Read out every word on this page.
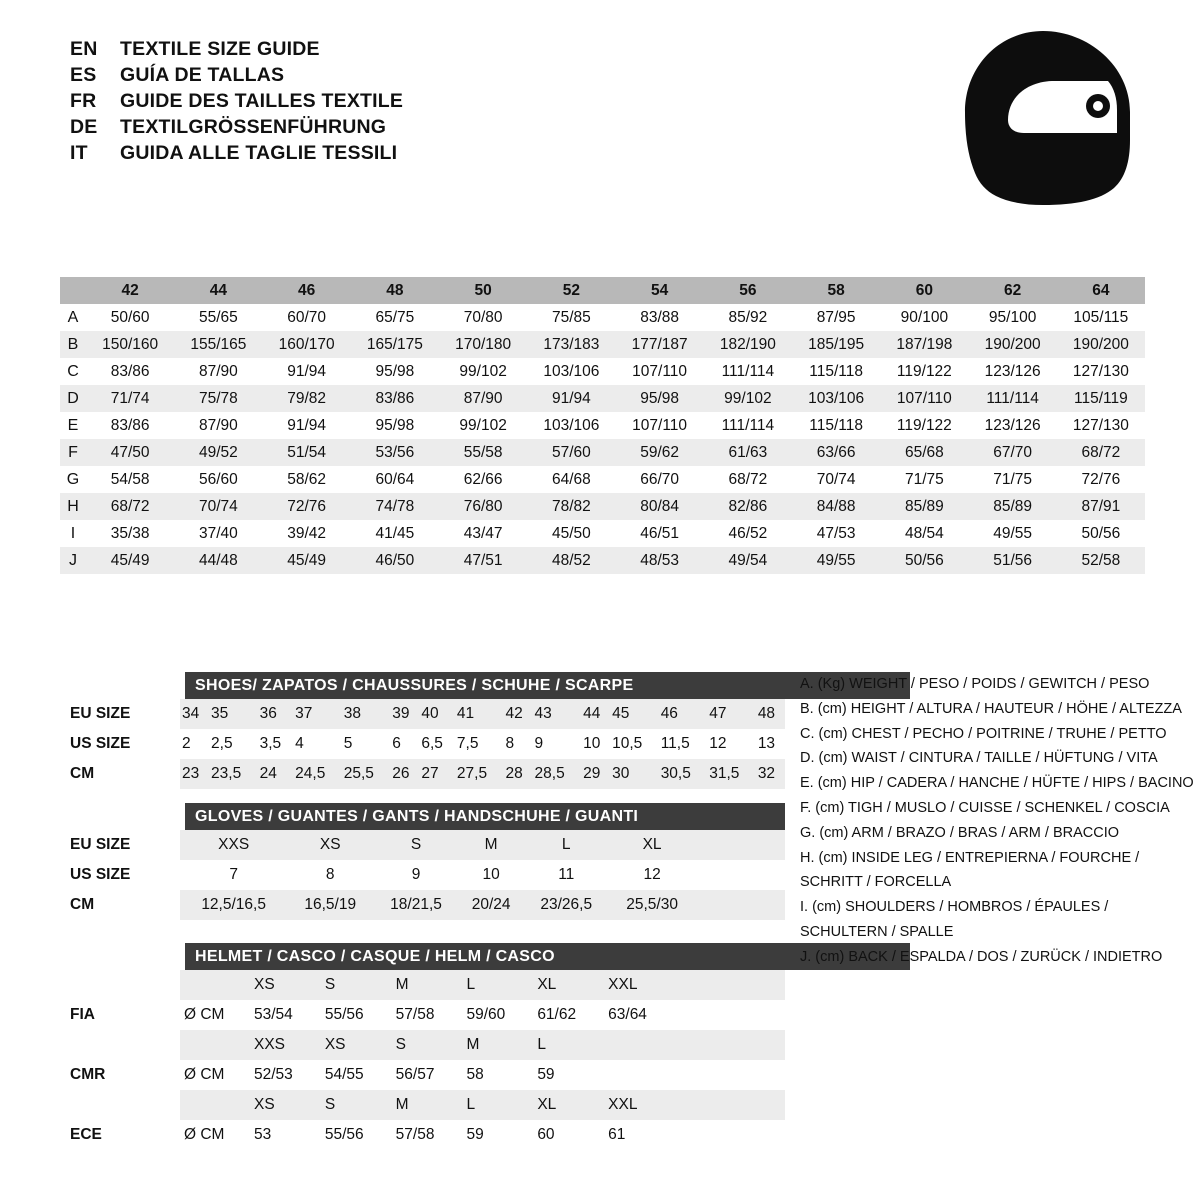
EN	TEXTILE SIZE GUIDE
ES	GUÍA DE TALLAS
FR	GUIDE DES TAILLES TEXTILE
DE	TEXTILGRÖSSENFÜHRUNG
IT	GUIDA ALLE TAGLIE TESSILI
	S		M		L		XL		XXL			
	42	44	46	48	50	52	54	56	58	60	62	64
A	50/60	55/65	60/70	65/75	70/80	75/85	83/88	85/92	87/95	90/100	95/100	105/115
B	150/160	155/165	160/170	165/175	170/180	173/183	177/187	182/190	185/195	187/198	190/200	190/200
C	83/86	87/90	91/94	95/98	99/102	103/106	107/110	111/114	115/118	119/122	123/126	127/130
D	71/74	75/78	79/82	83/86	87/90	91/94	95/98	99/102	103/106	107/110	111/114	115/119
E	83/86	87/90	91/94	95/98	99/102	103/106	107/110	111/114	115/118	119/122	123/126	127/130
F	47/50	49/52	51/54	53/56	55/58	57/60	59/62	61/63	63/66	65/68	67/70	68/72
G	54/58	56/60	58/62	60/64	62/66	64/68	66/70	68/72	70/74	71/75	71/75	72/76
H	68/72	70/74	72/76	74/78	76/80	78/82	80/84	82/86	84/88	85/89	85/89	87/91
I	35/38	37/40	39/42	41/45	43/47	45/50	46/51	46/52	47/53	48/54	49/55	50/56
J	45/49	44/48	45/49	46/50	47/51	48/52	48/53	49/54	49/55	50/56	51/56	52/58
SHOES/ ZAPATOS / CHAUSSURES / SCHUHE / SCARPE
EU SIZE	34	35	36	37	38	39	40	41	42	43	44	45	46	47	48
US SIZE	2	2,5	3,5	4	5	6	6,5	7,5	8	9	10	10,5	11,5	12	13
CM	23	23,5	24	24,5	25,5	26	27	27,5	28	28,5	29	30	30,5	31,5	32
GLOVES / GUANTES / GANTS / HANDSCHUHE / GUANTI
EU SIZE	XXS	XS	S	M	L	XL	
US SIZE	7	8	9	10	11	12	
CM	12,5/16,5	16,5/19	18/21,5	20/24	23/26,5	25,5/30	
HELMET / CASCO / CASQUE / HELM / CASCO
		XS	S	M	L	XL	XXL	
FIA	Ø CM	53/54	55/56	57/58	59/60	61/62	63/64	
		XXS	XS	S	M	L		
CMR	Ø CM	52/53	54/55	56/57	58	59		
		XS	S	M	L	XL	XXL	
ECE	Ø CM	53	55/56	57/58	59	60	61	
A. (Kg) WEIGHT / PESO / POIDS / GEWITCH / PESO
B. (cm) HEIGHT / ALTURA / HAUTEUR / HÖHE / ALTEZZA
C. (cm) CHEST / PECHO / POITRINE / TRUHE / PETTO
D. (cm) WAIST / CINTURA / TAILLE / HÜFTUNG / VITA
E. (cm) HIP / CADERA / HANCHE / HÜFTE / HIPS / BACINO
F. (cm) TIGH / MUSLO / CUISSE / SCHENKEL / COSCIA
G. (cm) ARM / BRAZO / BRAS / ARM / BRACCIO
H. (cm) INSIDE LEG / ENTREPIERNA / FOURCHE /
SCHRITT / FORCELLA
I. (cm) SHOULDERS / HOMBROS / ÉPAULES /
SCHULTERN / SPALLE
J. (cm) BACK / ESPALDA / DOS / ZURÜCK / INDIETRO
